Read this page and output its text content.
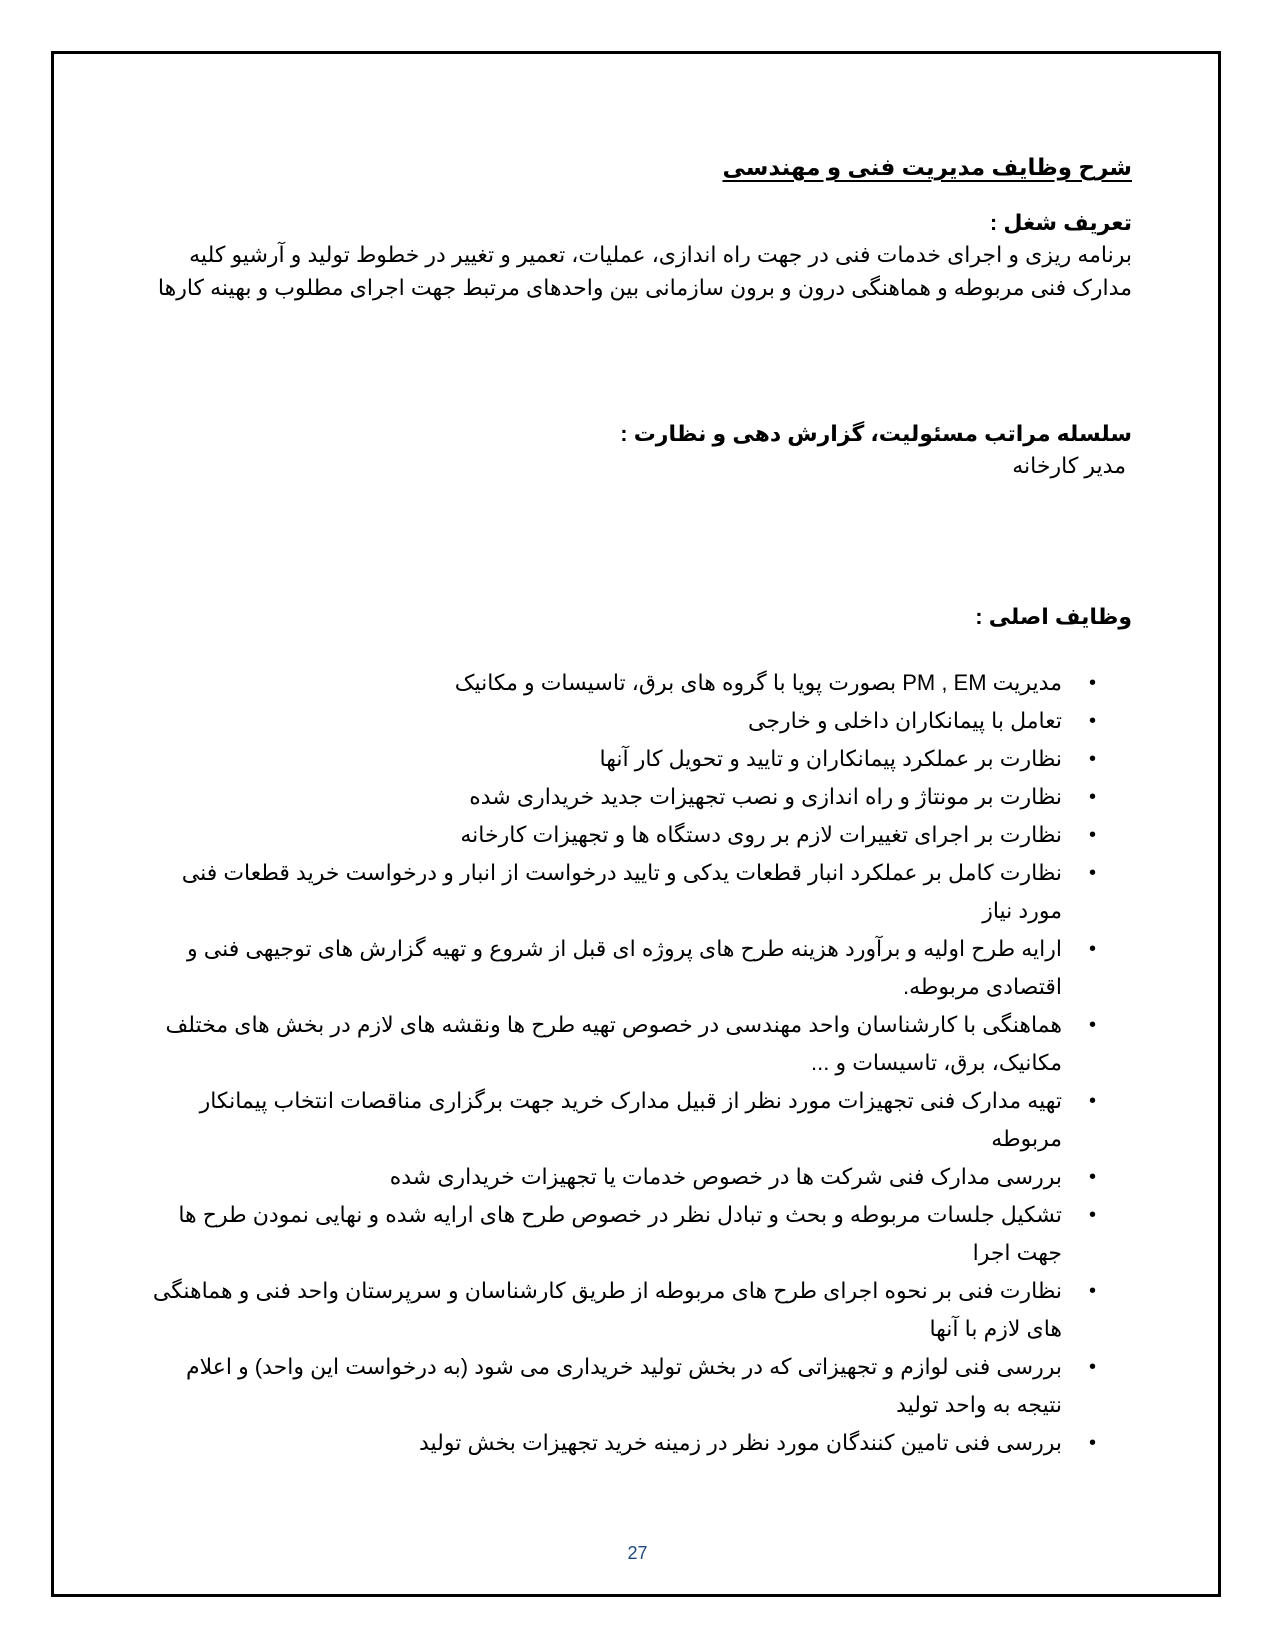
شرح وظایف مدیریت فنی و مهندسی
تعریف شغل :

برنامه ریزی و اجرای خدمات فنی در جهت راه اندازی، عملیات، تعمیر و تغییر در خطوط تولید و آرشیو کلیه مدارک فنی مربوطه و هماهنگی درون و برون سازمانی بین واحدهای مرتبط جهت اجرای مطلوب و بهینه کارها

سلسله مراتب مسئولیت، گزارش دهی و نظارت :

مدیر کارخانه

وظایف اصلی :
•
مدیریت PM , EM بصورت پویا با گروه های برق، تاسیسات و مکانیک
•
تعامل با پیمانکاران داخلی و خارجی
•
نظارت بر عملکرد پیمانکاران و تایید و تحویل کار آنها
•
نظارت بر مونتاژ و راه اندازی و نصب تجهیزات جدید خریداری شده
•
نظارت بر اجرای تغییرات لازم بر روی دستگاه ها و تجهیزات کارخانه
•
نظارت کامل بر عملکرد انبار قطعات یدکی و تایید درخواست از انبار و درخواست خرید قطعات فنی مورد نیاز
•
ارایه طرح اولیه و برآورد هزینه طرح های پروژه ای قبل از شروع و تهیه گزارش های توجیهی فنی و اقتصادی مربوطه.
•
هماهنگی با کارشناسان واحد مهندسی در خصوص تهیه طرح ها ونقشه های لازم در بخش های مختلف مکانیک، برق، تاسیسات و ...
•
تهیه مدارک فنی تجهیزات مورد نظر از قبیل مدارک خرید جهت برگزاری مناقصات انتخاب پیمانکار مربوطه
•
بررسی مدارک فنی شرکت ها در خصوص خدمات یا تجهیزات خریداری شده
•
تشکیل جلسات مربوطه و بحث و تبادل نظر در خصوص طرح های ارایه شده و نهایی نمودن طرح ها جهت اجرا
•
نظارت فنی بر نحوه اجرای طرح های مربوطه از طریق کارشناسان و سرپرستان واحد فنی و هماهنگی های لازم با آنها
•
بررسی فنی لوازم و تجهیزاتی که در بخش تولید خریداری می شود (به درخواست این واحد) و اعلام نتیجه به واحد تولید
•
بررسی فنی تامین کنندگان مورد نظر در زمینه خرید تجهیزات بخش تولید
27
